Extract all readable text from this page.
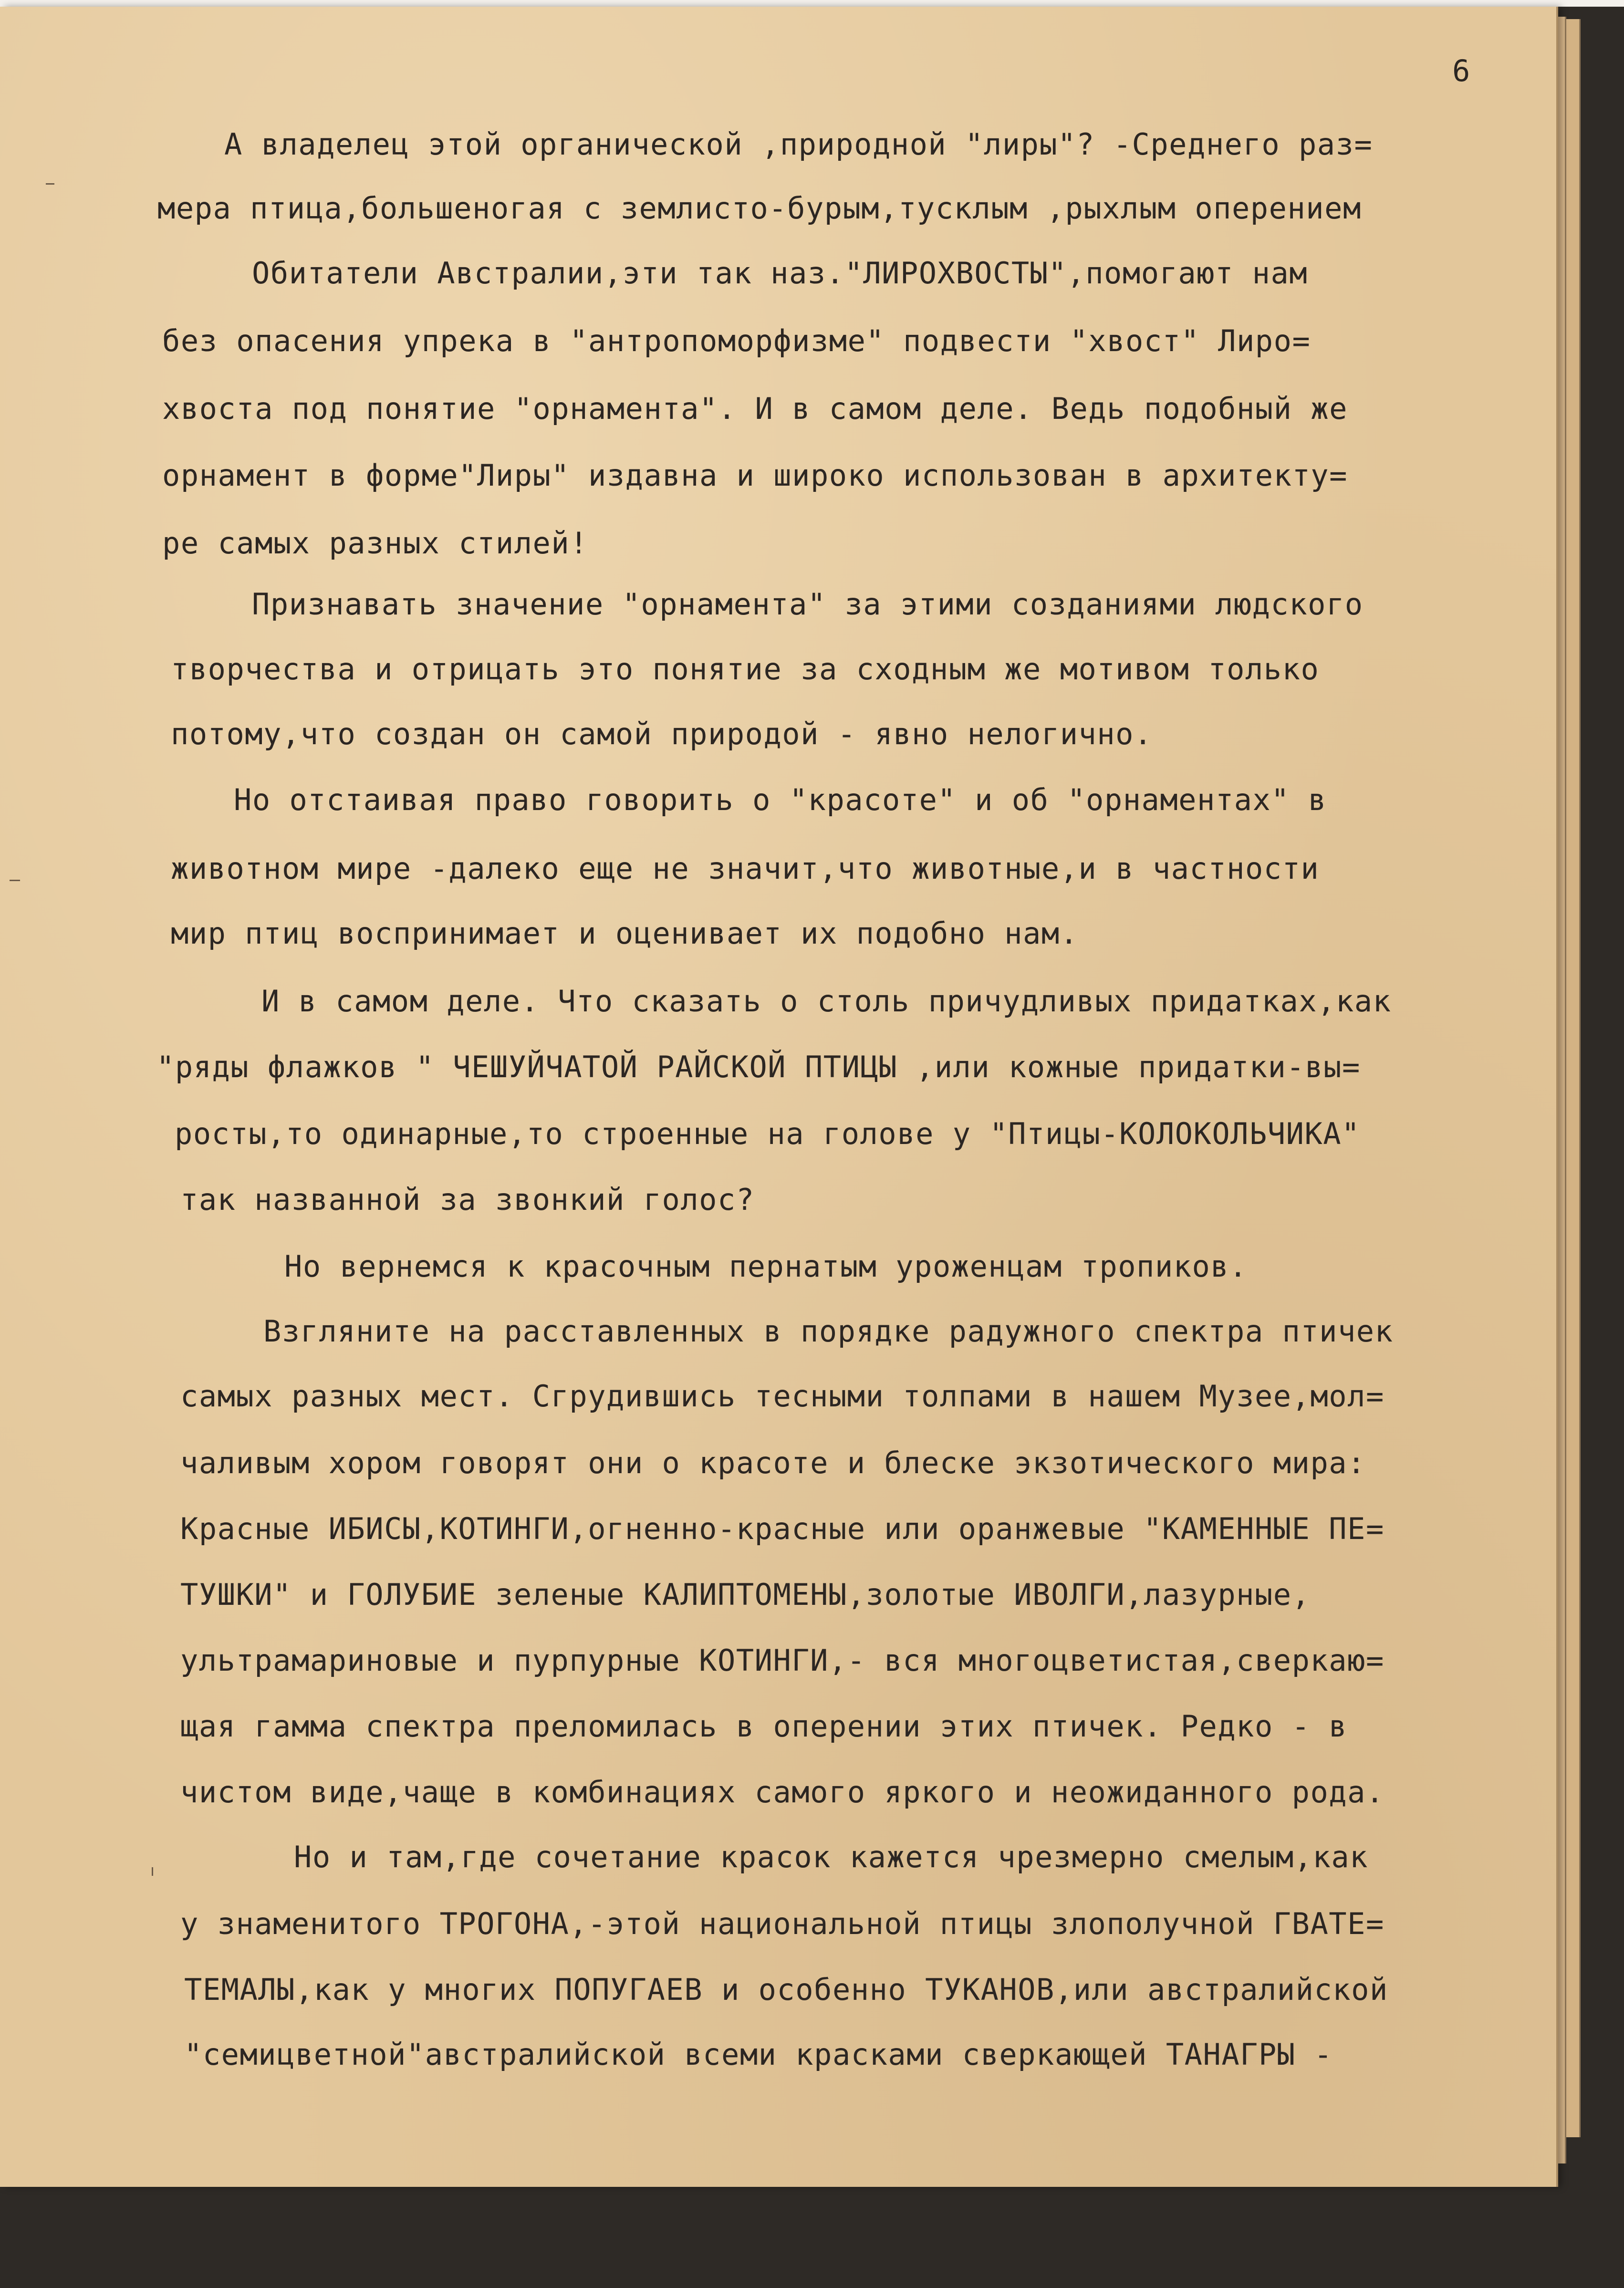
6
А владелец этой органической ,природной "лиры"? -Среднего раз=
мера птица,большеногая с землисто-бурым,тусклым ,рыхлым оперением
Обитатели Австралии,эти так наз."ЛИРОХВОСТЫ",помогают нам
без опасения упрека в "антропоморфизме" подвести "хвост" Лиро=
хвоста под понятие "орнамента". И в самом деле. Ведь подобный же
орнамент в форме"Лиры" издавна и широко использован в архитекту=
ре самых разных стилей!
Признавать значение "орнамента" за этими созданиями людского
творчества и отрицать это понятие за сходным же мотивом только
потому,что создан он самой природой - явно нелогично.
Но отстаивая право говорить о "красоте" и об "орнаментах" в
животном мире -далеко еще не значит,что животные,и в частности
мир птиц воспринимает и оценивает их подобно нам.
И в самом деле. Что сказать о столь причудливых придатках,как
"ряды флажков " ЧЕШУЙЧАТОЙ РАЙСКОЙ ПТИЦЫ ,или кожные придатки-вы=
росты,то одинарные,то строенные на голове у "Птицы-КОЛОКОЛЬЧИКА"
так названной за звонкий голос?
Но вернемся к красочным пернатым уроженцам тропиков.
Взгляните на расставленных в порядке радужного спектра птичек
самых разных мест. Сгрудившись тесными толпами в нашем Музее,мол=
чаливым хором говорят они о красоте и блеске экзотического мира:
Красные ИБИСЫ,КОТИНГИ,огненно-красные или оранжевые "КАМЕННЫЕ ПЕ=
ТУШКИ" и ГОЛУБИЕ зеленые КАЛИПТОМЕНЫ,золотые ИВОЛГИ,лазурные,
ультрамариновые и пурпурные КОТИНГИ,- вся многоцветистая,сверкаю=
щая гамма спектра преломилась в оперении этих птичек. Редко - в
чистом виде,чаще в комбинациях самого яркого и неожиданного рода.
Но и там,где сочетание красок кажется чрезмерно смелым,как
у знаменитого ТРОГОНА,-этой национальной птицы злополучной ГВАТЕ=
ТЕМАЛЫ,как у многих ПОПУГАЕВ и особенно ТУКАНОВ,или австралийской
"семицветной"австралийской всеми красками сверкающей ТАНАГРЫ -
